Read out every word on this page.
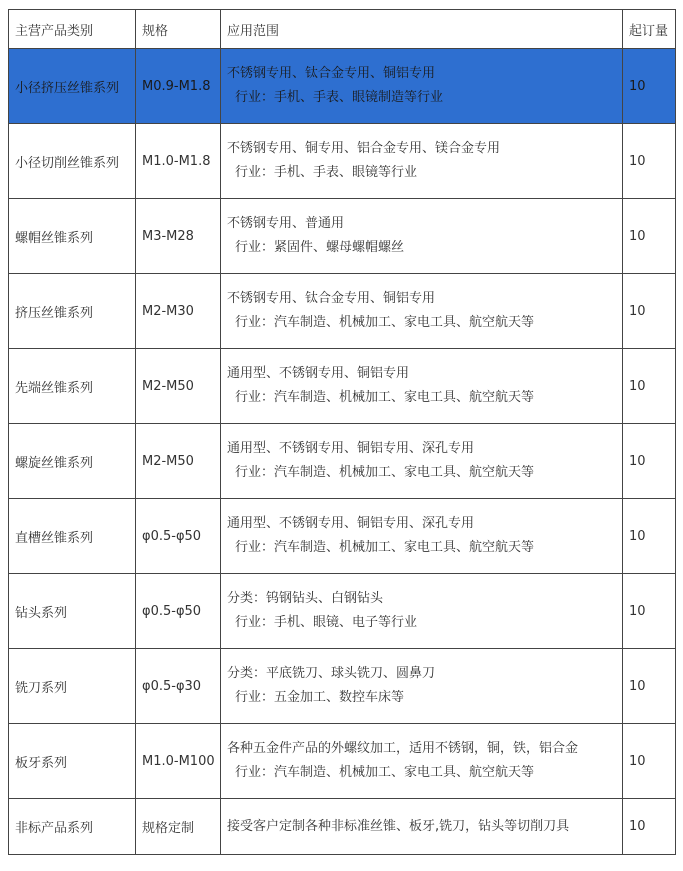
主营产品类别	规格	应用范围	起订量
小径挤压丝锥系列	M0.9-M1.8	不锈钢专用、钛合金专用、铜铝专用
行业：手机、手表、眼镜制造等行业	10
小径切削丝锥系列	M1.0-M1.8	不锈钢专用、铜专用、铝合金专用、镁合金专用
行业：手机、手表、眼镜等行业	10
螺帽丝锥系列	M3-M28	不锈钢专用、普通用
行业：紧固件、螺母螺帽螺丝	10
挤压丝锥系列	M2-M30	不锈钢专用、钛合金专用、铜铝专用
行业：汽车制造、机械加工、家电工具、航空航天等	10
先端丝锥系列	M2-M50	通用型、不锈钢专用、铜铝专用
行业：汽车制造、机械加工、家电工具、航空航天等	10
螺旋丝锥系列	M2-M50	通用型、不锈钢专用、铜铝专用、深孔专用
行业：汽车制造、机械加工、家电工具、航空航天等	10
直槽丝锥系列	φ0.5-φ50	通用型、不锈钢专用、铜铝专用、深孔专用
行业：汽车制造、机械加工、家电工具、航空航天等	10
钻头系列	φ0.5-φ50	分类：钨钢钻头、白钢钻头
行业：手机、眼镜、电子等行业	10
铣刀系列	φ0.5-φ30	分类：平底铣刀、球头铣刀、圆鼻刀
行业：五金加工、数控车床等	10
板牙系列	M1.0-M100	各种五金件产品的外螺纹加工，适用不锈钢，铜，铁，铝合金
行业：汽车制造、机械加工、家电工具、航空航天等	10
非标产品系列	规格定制	接受客户定制各种非标准丝锥、板牙,铣刀，钻头等切削刀具	10
